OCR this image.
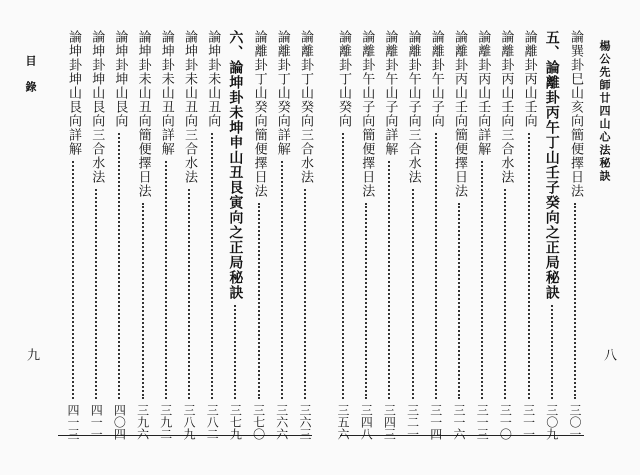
楊公先師廿四山心法秘訣
八
目　錄
九
論巽卦巳山亥向簡便擇日法
三〇一
五、論離卦丙午丁山壬子癸向之正局秘訣
三〇九
論離卦丙山壬向
三一一
論離卦丙山壬向三合水法
三一〇
論離卦丙山壬向詳解
三一三
論離卦丙山壬向簡便擇日法
三一六
論離卦午山子向
三一四
論離卦午山子向三合水法
三二一
論離卦午山子向詳解
三四三
論離卦午山子向簡便擇日法
三四八
論離卦丁山癸向
三五六
論離卦丁山癸向三合水法
三六三
論離卦丁山癸向詳解
三六六
論離卦丁山癸向簡便擇日法
三七〇
六、論坤卦未坤申山丑艮寅向之正局秘訣
三七九
論坤卦未山丑向
三八二
論坤卦未山丑向三合水法
三八九
論坤卦未山丑向詳解
三九二
論坤卦未山丑向簡便擇日法
三九六
論坤卦坤山艮向
四〇四
論坤卦坤山艮向三合水法
四一一
論坤卦坤山艮向詳解
四一三
